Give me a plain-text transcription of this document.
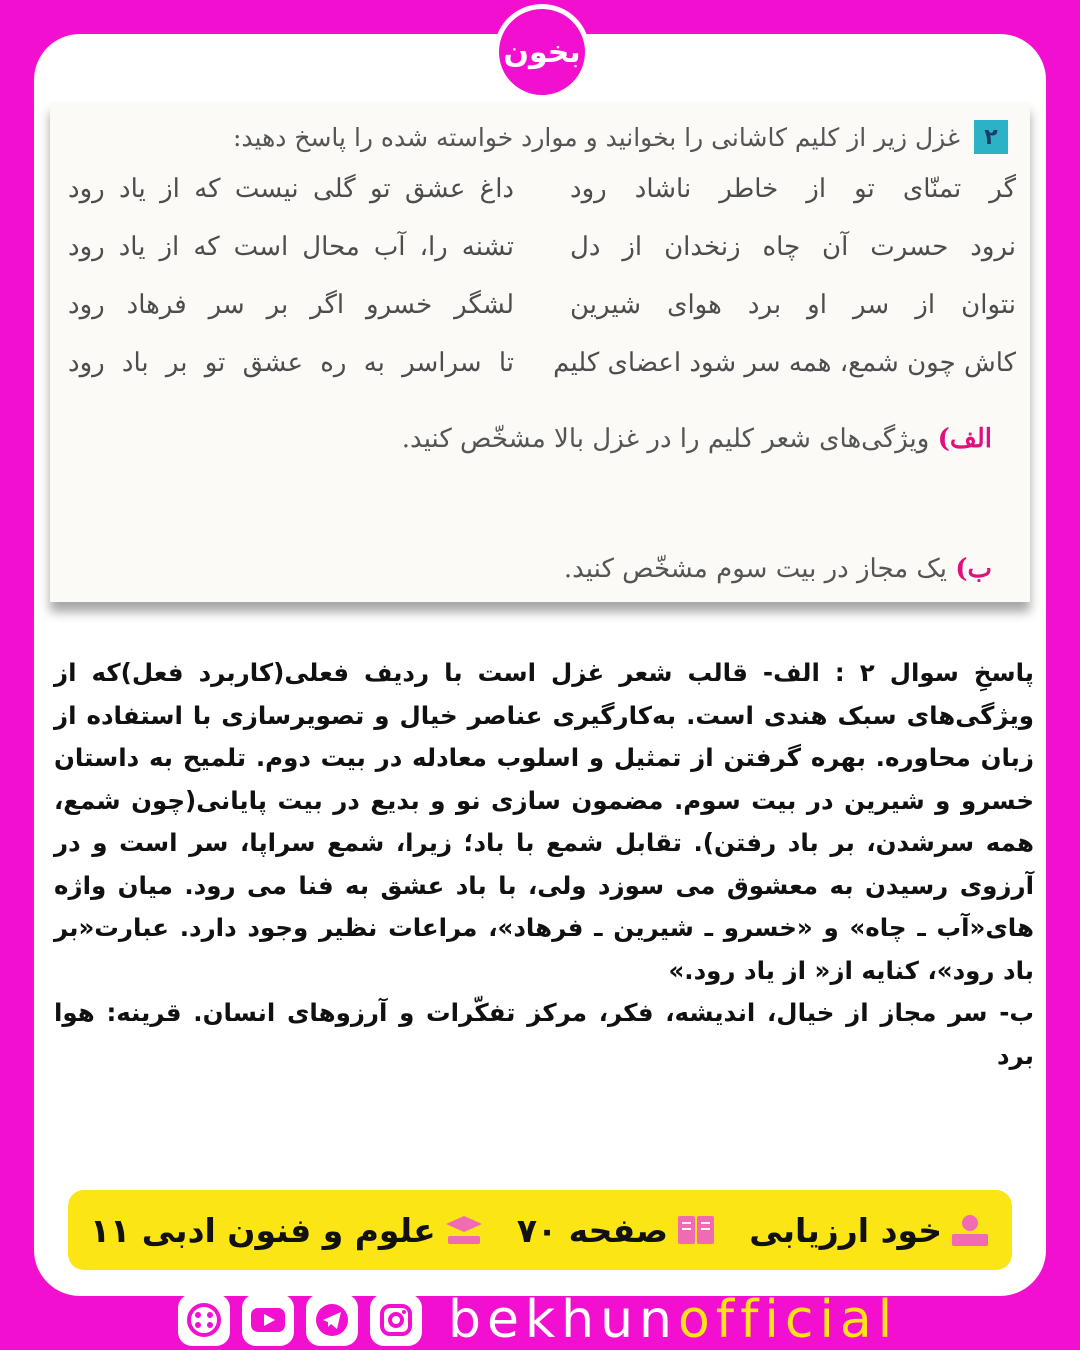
بخون
۲
غزل زیر از کلیم کاشانی را بخوانید و موارد خواسته شده را پاسخ دهید:
گر تمنّای تو از خاطر ناشاد رود
داغ عشق تو گلی نیست که از یاد رود
نرود حسرت آن چاه زنخدان از دل
تشنه را، آب محال است که از یاد رود
نتوان از سر او برد هوای شیرین
لشگر خسرو اگر بر سر فرهاد رود
کاش چون شمع، همه سر شود اعضای کلیم
تا سراسر به ره عشق تو بر باد رود
الف) ویژگی‌های شعر کلیم را در غزل بالا مشخّص کنید.
ب) یک مجاز در بیت سوم مشخّص کنید.

پاسخِ سوال ۲ : الف- قالب شعر غزل است با ردیف فعلی(کاربرد فعل)که از ویژگی‌های سبک هندی است. به‌کارگیری عناصر خیال و تصویرسازی با استفاده از زبان محاوره. بهره گرفتن از تمثیل و اسلوب معادله در بیت دوم. تلمیح به داستان خسرو و شیرین در بیت سوم. مضمون سازی نو و بدیع در بیت پایانی(چون شمع، همه سرشدن، بر باد رفتن). تقابل شمع با باد؛ زیرا، شمع سراپا، سر است و در آرزوی رسیدن به معشوق می سوزد ولی، با باد عشق به فنا می رود. میان واژه های«آب ـ چاه» و «خسرو ـ شیرین ـ فرهاد»، مراعات نظیر وجود دارد. عبارت«بر باد رود»، کنایه از« از یاد رود.»

ب- سر مجاز از خیال، اندیشه، فکر، مرکز تفکّرات و آرزوهای انسان. قرینه: هوا برد

خود ارزیابی
صفحه ۷۰
علوم و فنون ادبی ۱۱
bekhunofficial
